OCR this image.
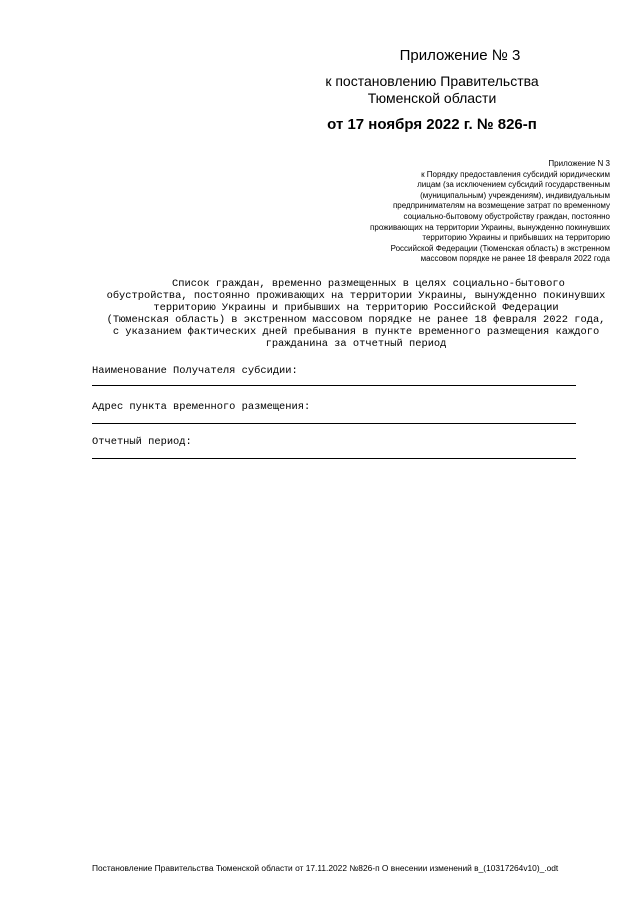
Приложение № 3
к постановлению Правительства
Тюменской области
от 17 ноября 2022 г. № 826-п
Приложение N 3
к Порядку предоставления субсидий юридическим
лицам (за исключением субсидий государственным
(муниципальным) учреждениям), индивидуальным
предпринимателям на возмещение затрат по временному
социально-бытовому обустройству граждан, постоянно
проживающих на территории Украины, вынужденно покинувших
территорию Украины и прибывших на территорию
Российской Федерации (Тюменская область) в экстренном
массовом порядке не ранее 18 февраля 2022 года
Список граждан, временно размещенных в целях социально-бытового
обустройства, постоянно проживающих на территории Украины, вынужденно покинувших
территорию Украины и прибывших на территорию Российской Федерации
(Тюменская область) в экстренном массовом порядке не ранее 18 февраля 2022 года,
с указанием фактических дней пребывания в пункте временного размещения каждого
гражданина за отчетный период
Наименование Получателя субсидии:
Адрес пункта временного размещения:
Отчетный период:
Постановление Правительства Тюменской области от 17.11.2022 №826-п О внесении изменений в_(10317264v10)_.odt
